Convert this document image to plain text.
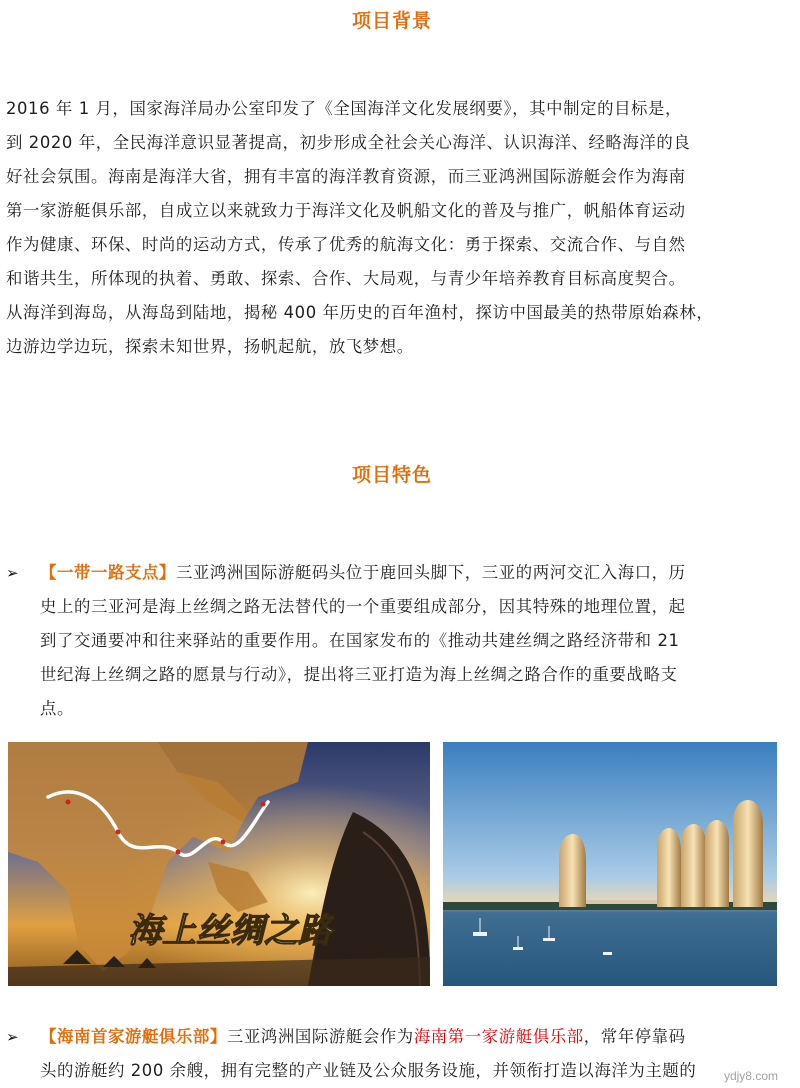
项目背景
2016 年 1 月，国家海洋局办公室印发了《全国海洋文化发展纲要》，其中制定的目标是，
到 2020 年，全民海洋意识显著提高，初步形成全社会关心海洋、认识海洋、经略海洋的良
好社会氛围。海南是海洋大省，拥有丰富的海洋教育资源，而三亚鸿洲国际游艇会作为海南
第一家游艇俱乐部，自成立以来就致力于海洋文化及帆船文化的普及与推广，帆船体育运动
作为健康、环保、时尚的运动方式，传承了优秀的航海文化：勇于探索、交流合作、与自然
和谐共生，所体现的执着、勇敢、探索、合作、大局观，与青少年培养教育目标高度契合。
从海洋到海岛，从海岛到陆地，揭秘 400 年历史的百年渔村，探访中国最美的热带原始森林，
边游边学边玩，探索未知世界，扬帆起航，放飞梦想。
项目特色
➢ 【一带一路支点】三亚鸿洲国际游艇码头位于鹿回头脚下，三亚的两河交汇入海口，历
史上的三亚河是海上丝绸之路无法替代的一个重要组成部分，因其特殊的地理位置，起
到了交通要冲和往来驿站的重要作用。在国家发布的《推动共建丝绸之路经济带和 21
世纪海上丝绸之路的愿景与行动》，提出将三亚打造为海上丝绸之路合作的重要战略支
点。

海上丝绸之路
➢ 【海南首家游艇俱乐部】三亚鸿洲国际游艇会作为海南第一家游艇俱乐部，常年停靠码
头的游艇约 200 余艘，拥有完整的产业链及公众服务设施，并领衔打造以海洋为主题的	ydjy8.com
